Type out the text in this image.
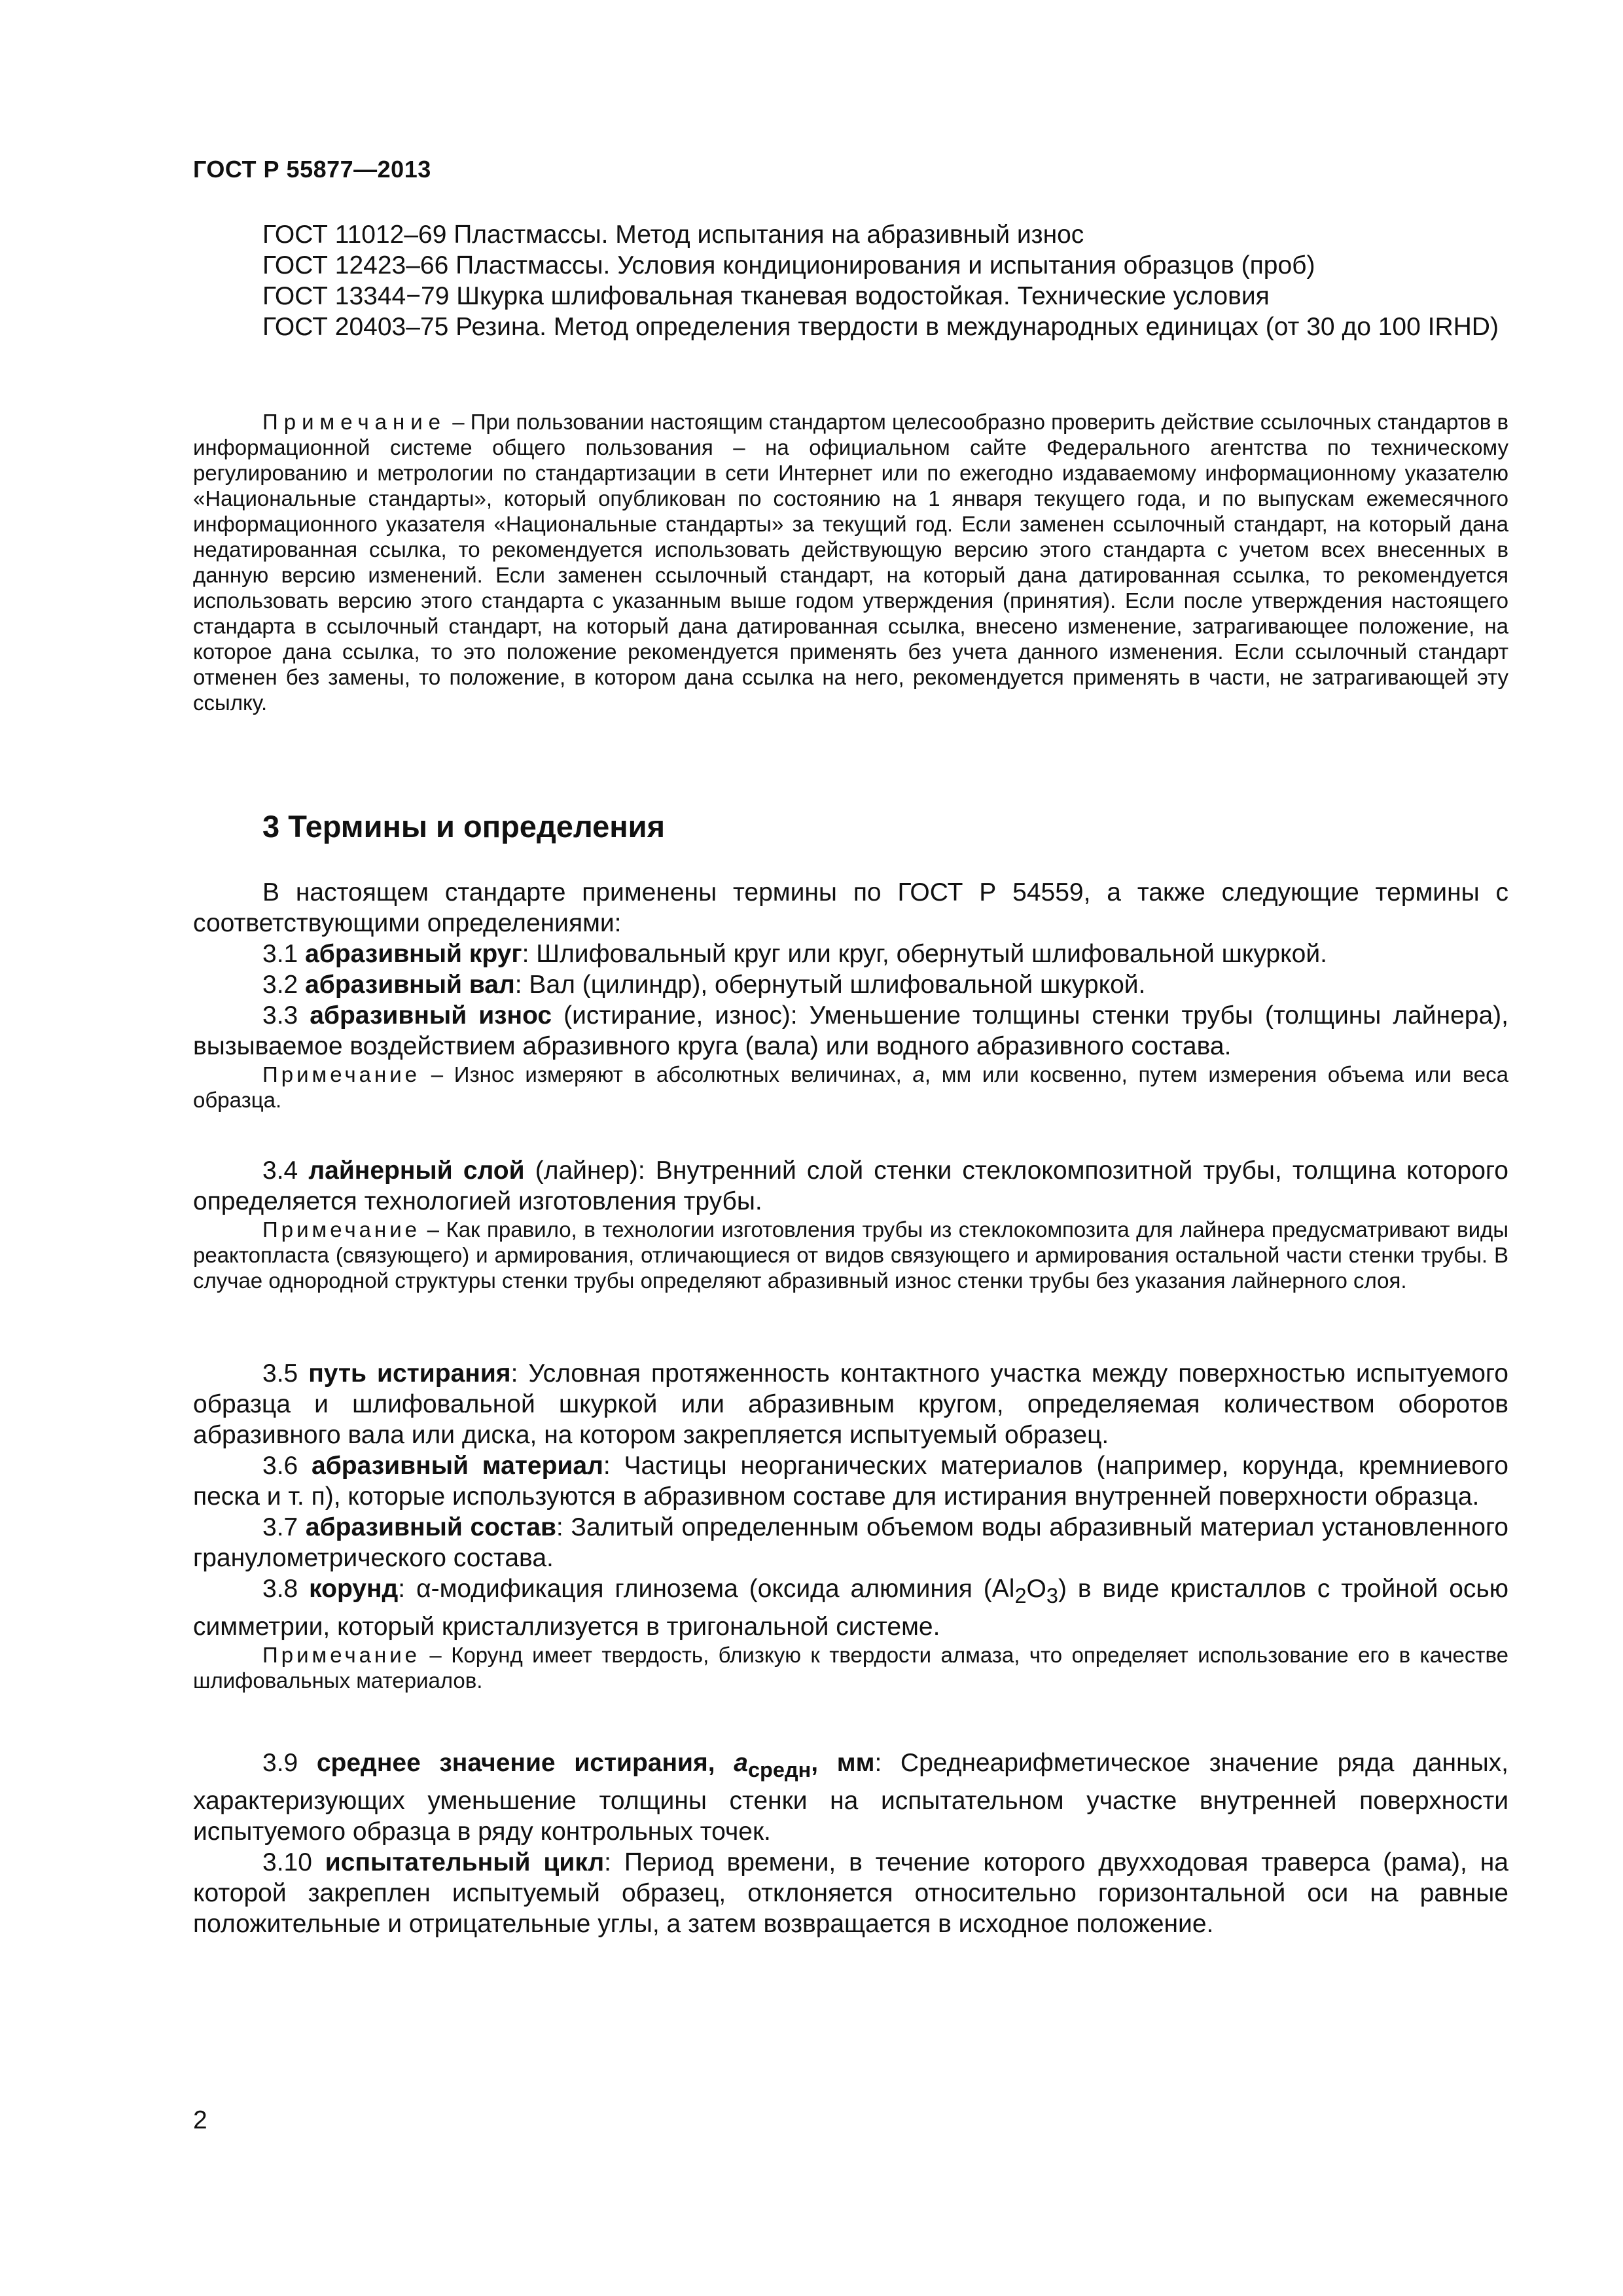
ГОСТ Р 55877—2013

ГОСТ 11012–69 Пластмассы. Метод испытания на абразивный износ

ГОСТ 12423–66 Пластмассы. Условия кондиционирования и испытания образцов (проб)

ГОСТ 13344−79 Шкурка шлифовальная тканевая водостойкая. Технические условия

ГОСТ 20403–75 Резина. Метод определения твердости в международных единицах (от 30 до 100 IRHD)

Примечание – При пользовании настоящим стандартом целесообразно проверить действие ссылочных стандартов в информационной системе общего пользования – на официальном сайте Федерального агентства по техническому регулированию и метрологии по стандартизации в сети Интернет или по ежегодно издаваемому информационному указателю «Национальные стандарты», который опубликован по состоянию на 1 января текущего года, и по выпускам ежемесячного информационного указателя «Национальные стандарты» за текущий год. Если заменен ссылочный стандарт, на который дана недатированная ссылка, то рекомендуется использовать действующую версию этого стандарта с учетом всех внесенных в данную версию изменений. Если заменен ссылочный стандарт, на который дана датированная ссылка, то рекомендуется использовать версию этого стандарта с указанным выше годом утверждения (принятия). Если после утверждения настоящего стандарта в ссылочный стандарт, на который дана датированная ссылка, внесено изменение, затрагивающее положение, на которое дана ссылка, то это положение рекомендуется применять без учета данного изменения. Если ссылочный стандарт отменен без замены, то положение, в котором дана ссылка на него, рекомендуется применять в части, не затрагивающей эту ссылку.

3 Термины и определения

В настоящем стандарте применены термины по ГОСТ Р 54559, а также следующие термины с соответствующими определениями:

3.1 абразивный круг: Шлифовальный круг или круг, обернутый шлифовальной шкуркой.

3.2 абразивный вал: Вал (цилиндр), обернутый шлифовальной шкуркой.

3.3 абразивный износ (истирание, износ): Уменьшение толщины стенки трубы (толщины лайнера), вызываемое воздействием абразивного круга (вала) или водного абразивного состава.

Примечание – Износ измеряют в абсолютных величинах, a, мм или косвенно, путем измерения объема или веса образца.

3.4 лайнерный слой (лайнер): Внутренний слой стенки стеклокомпозитной трубы, толщина которого определяется технологией изготовления трубы.

Примечание – Как правило, в технологии изготовления трубы из стеклокомпозита для лайнера предусматривают виды реактопласта (связующего) и армирования, отличающиеся от видов связующего и армирования остальной части стенки трубы. В случае однородной структуры стенки трубы определяют абразивный износ стенки трубы без указания лайнерного слоя.

3.5 путь истирания: Условная протяженность контактного участка между поверхностью испытуемого образца и шлифовальной шкуркой или абразивным кругом, определяемая количеством оборотов абразивного вала или диска, на котором закрепляется испытуемый образец.

3.6 абразивный материал: Частицы неорганических материалов (например, корунда, кремниевого песка и т. п), которые используются в абразивном составе для истирания внутренней поверхности образца.

3.7 абразивный состав: Залитый определенным объемом воды абразивный материал установленного гранулометрического состава.

3.8 корунд: α-модификация глинозема (оксида алюминия $(Al_2O_3)$ в виде кристаллов с тройной осью симметрии, который кристаллизуется в тригональной системе.

Примечание – Корунд имеет твердость, близкую к твердости алмаза, что определяет использование его в качестве шлифовальных материалов.

3.9 среднее значение истирания, $a_{средн}$, мм: Среднеарифметическое значение ряда данных, характеризующих уменьшение толщины стенки на испытательном участке внутренней поверхности испытуемого образца в ряду контрольных точек.

3.10 испытательный цикл: Период времени, в течение которого двухходовая траверса (рама), на которой закреплен испытуемый образец, отклоняется относительно горизонтальной оси на равные положительные и отрицательные углы, а затем возвращается в исходное положение.

2
